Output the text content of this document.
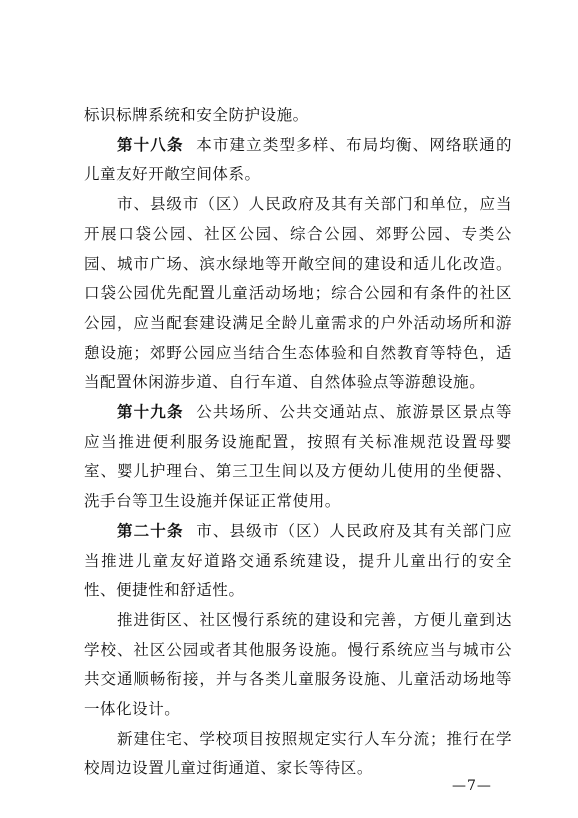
标识标牌系统和安全防护设施。

第十八条 本市建立类型多样、布局均衡、网络联通的儿童友好开敞空间体系。

市、县级市（区）人民政府及其有关部门和单位，应当开展口袋公园、社区公园、综合公园、郊野公园、专类公园、城市广场、滨水绿地等开敞空间的建设和适儿化改造。口袋公园优先配置儿童活动场地；综合公园和有条件的社区公园，应当配套建设满足全龄儿童需求的户外活动场所和游憩设施；郊野公园应当结合生态体验和自然教育等特色，适当配置休闲游步道、自行车道、自然体验点等游憩设施。

第十九条 公共场所、公共交通站点、旅游景区景点等应当推进便利服务设施配置，按照有关标准规范设置母婴室、婴儿护理台、第三卫生间以及方便幼儿使用的坐便器、洗手台等卫生设施并保证正常使用。

第二十条 市、县级市（区）人民政府及其有关部门应当推进儿童友好道路交通系统建设，提升儿童出行的安全性、便捷性和舒适性。

推进街区、社区慢行系统的建设和完善，方便儿童到达学校、社区公园或者其他服务设施。慢行系统应当与城市公共交通顺畅衔接，并与各类儿童服务设施、儿童活动场地等一体化设计。

新建住宅、学校项目按照规定实行人车分流；推行在学校周边设置儿童过街通道、家长等待区。

—7—
